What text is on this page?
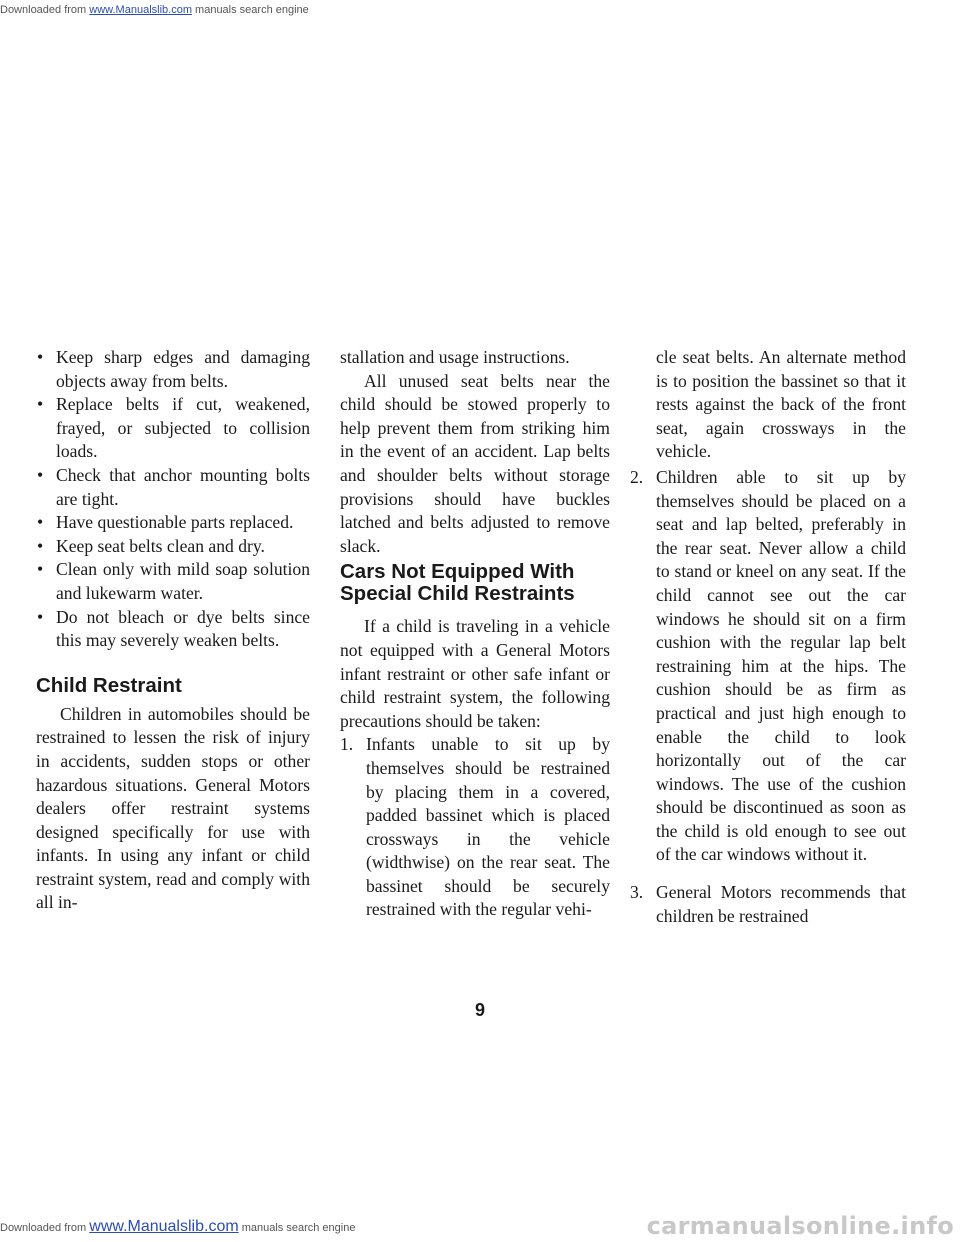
Downloaded from www.Manualslib.com manuals search engine
• Keep sharp edges and damaging objects away from belts.
• Replace belts if cut, weakened, frayed, or subjected to collision loads.
• Check that anchor mounting bolts are tight.
• Have questionable parts replaced.
• Keep seat belts clean and dry.
• Clean only with mild soap solution and lukewarm water.
• Do not bleach or dye belts since this may severely weaken belts.
Child Restraint

Children in automobiles should be restrained to lessen the risk of injury in accidents, sudden stops or other hazardous situations. General Motors dealers offer restraint systems designed specifically for use with infants. In using any infant or child restraint system, read and comply with all in-

stallation and usage instructions.

All unused seat belts near the child should be stowed properly to help prevent them from striking him in the event of an accident. Lap belts and shoulder belts without storage provisions should have buckles latched and belts adjusted to remove slack.

Cars Not Equipped With
Special Child Restraints

If a child is traveling in a vehicle not equipped with a General Motors infant restraint or other safe infant or child restraint system, the following precautions should be taken:

1. Infants unable to sit up by themselves should be restrained by placing them in a covered, padded bassinet which is placed crossways in the vehicle (widthwise) on the rear seat. The bassinet should be securely restrained with the regular vehi-

cle seat belts. An alternate method is to position the bassinet so that it rests against the back of the front seat, again crossways in the vehicle.

2. Children able to sit up by themselves should be placed on a seat and lap belted, preferably in the rear seat. Never allow a child to stand or kneel on any seat. If the child cannot see out the car windows he should sit on a firm cushion with the regular lap belt restraining him at the hips. The cushion should be as firm as practical and just high enough to enable the child to look horizontally out of the car windows. The use of the cushion should be discontinued as soon as the child is old enough to see out of the car windows without it.
3. General Motors recommends that children be restrained
9
Downloaded from www.Manualslib.com manuals search engine	carmanualsonline.info
